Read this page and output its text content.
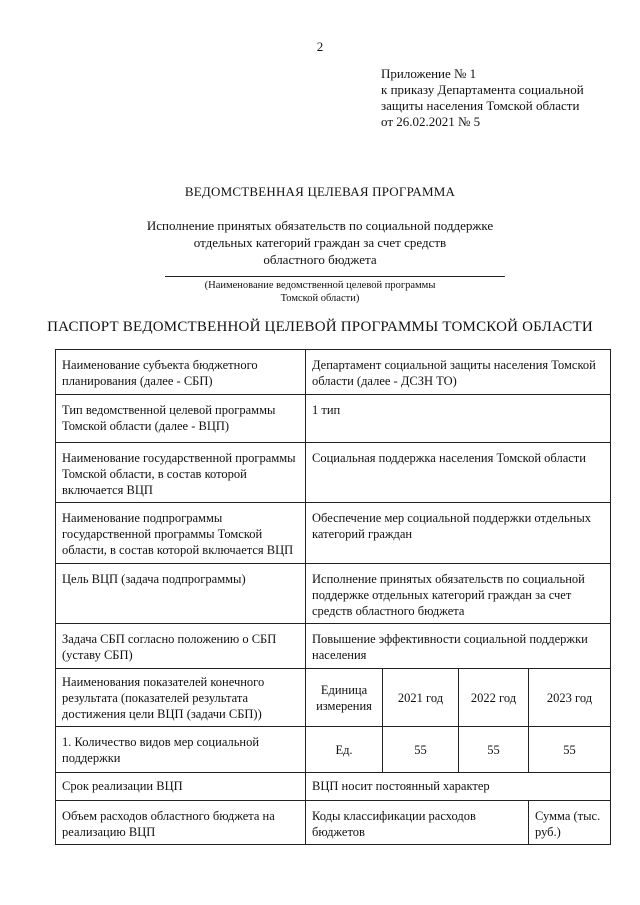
2
Приложение № 1
к приказу Департамента социальной
защиты населения Томской области
от 26.02.2021 № 5
ВЕДОМСТВЕННАЯ ЦЕЛЕВАЯ ПРОГРАММА
Исполнение принятых обязательств по социальной поддержке
отдельных категорий граждан за счет средств
областного бюджета
(Наименование ведомственной целевой программы
Томской области)
ПАСПОРТ ВЕДОМСТВЕННОЙ ЦЕЛЕВОЙ ПРОГРАММЫ ТОМСКОЙ ОБЛАСТИ
Наименование субъекта бюджетного планирования (далее - СБП)	Департамент социальной защиты населения Томской области (далее - ДСЗН ТО)			
Тип ведомственной целевой программы Томской области (далее - ВЦП)	1 тип			
Наименование государственной программы Томской области, в состав которой включается ВЦП	Социальная поддержка населения Томской области			
Наименование подпрограммы государственной программы Томской области, в состав которой включается ВЦП	Обеспечение мер социальной поддержки отдельных категорий граждан			
Цель ВЦП (задача подпрограммы)	Исполнение принятых обязательств по социальной поддержке отдельных категорий граждан за счет средств областного бюджета			
Задача СБП согласно положению о СБП (уставу СБП)	Повышение эффективности социальной поддержки населения			
Наименования показателей конечного результата (показателей результата достижения цели ВЦП (задачи СБП))	Единица измерения	2021 год	2022 год	2023 год
1. Количество видов мер социальной поддержки	Ед.	55	55	55
Срок реализации ВЦП	ВЦП носит постоянный характер			
Объем расходов областного бюджета на реализацию ВЦП	Коды классификации расходов бюджетов			Сумма (тыс. руб.)
